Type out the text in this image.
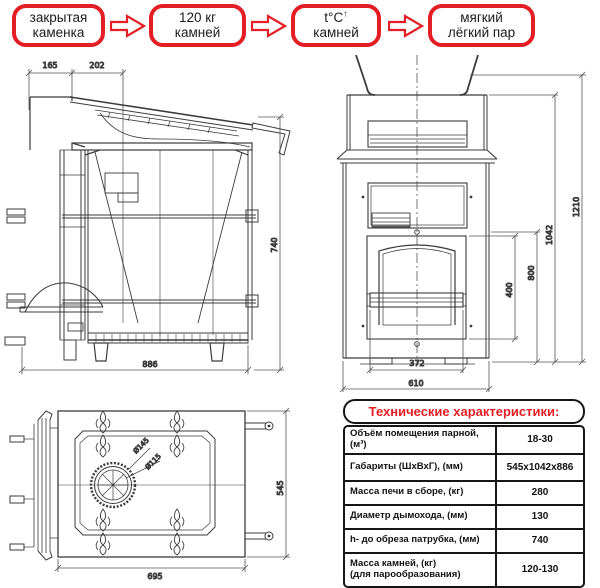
закрытая
каменка
120 кг
камней
t°C↑
камней
мягкий
лёгкий пар
165	202
886
740
372
610
400
800
1042
1210
Ø145
Ø115
695
545
Технические характеристики:
Объём помещения парной, (м³)	18-30
Габариты (ШхВхГ), (мм)	545x1042x886
Масса печи в сборе, (кг)	280
Диаметр дымохода, (мм)	130
h- до обреза патрубка, (мм)	740
Масса камней, (кг)
(для парообразования)	120-130
